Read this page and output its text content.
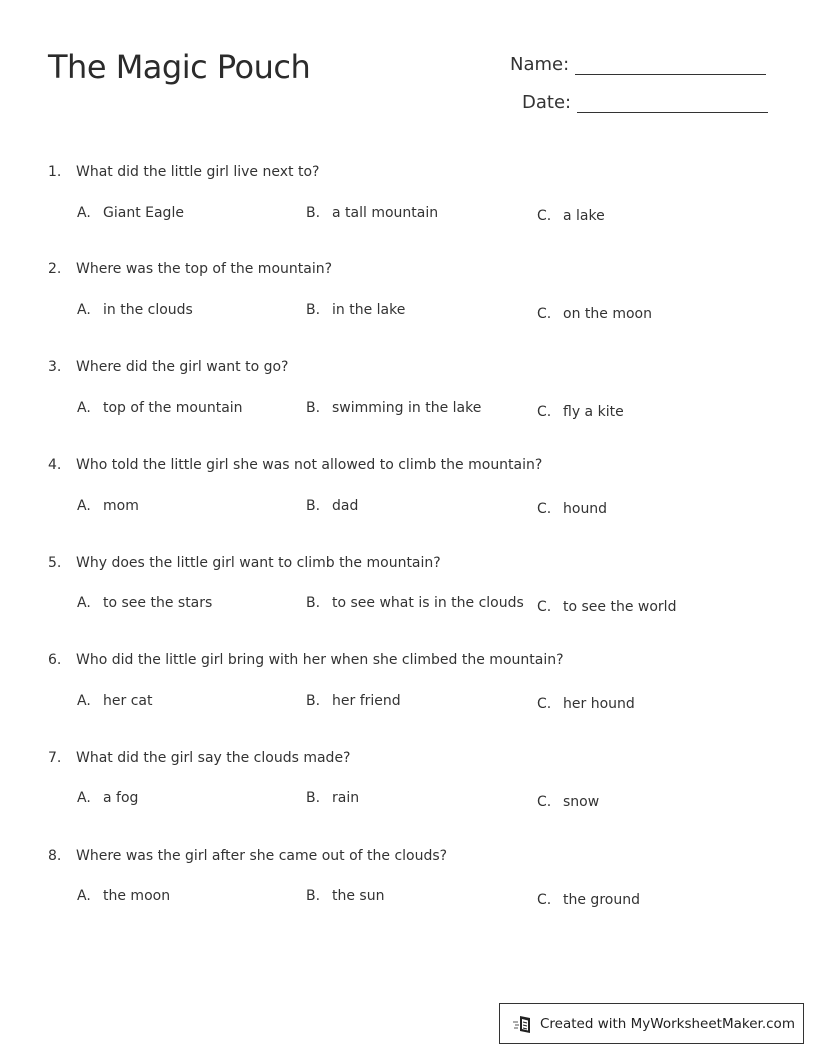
The Magic Pouch	Name:
Date:
1.	What did the little girl live next to?
A. Giant Eagle	B. a tall mountain	C. a lake
2.	Where was the top of the mountain?
A. in the clouds	B. in the lake	C. on the moon
3.	Where did the girl want to go?
A. top of the mountain	B. swimming in the lake	C. fly a kite
4.	Who told the little girl she was not allowed to climb the mountain?
A. mom	B. dad	C. hound
5.	Why does the little girl want to climb the mountain?
A. to see the stars	B. to see what is in the clouds C. to see the world
6.	Who did the little girl bring with her when she climbed the mountain?
A. her cat	B. her friend	C. her hound
7.	What did the girl say the clouds made?
A. a fog	B. rain	C. snow
8.	Where was the girl after she came out of the clouds?
A. the moon	B. the sun	C. the ground
Created with MyWorksheetMaker.com
